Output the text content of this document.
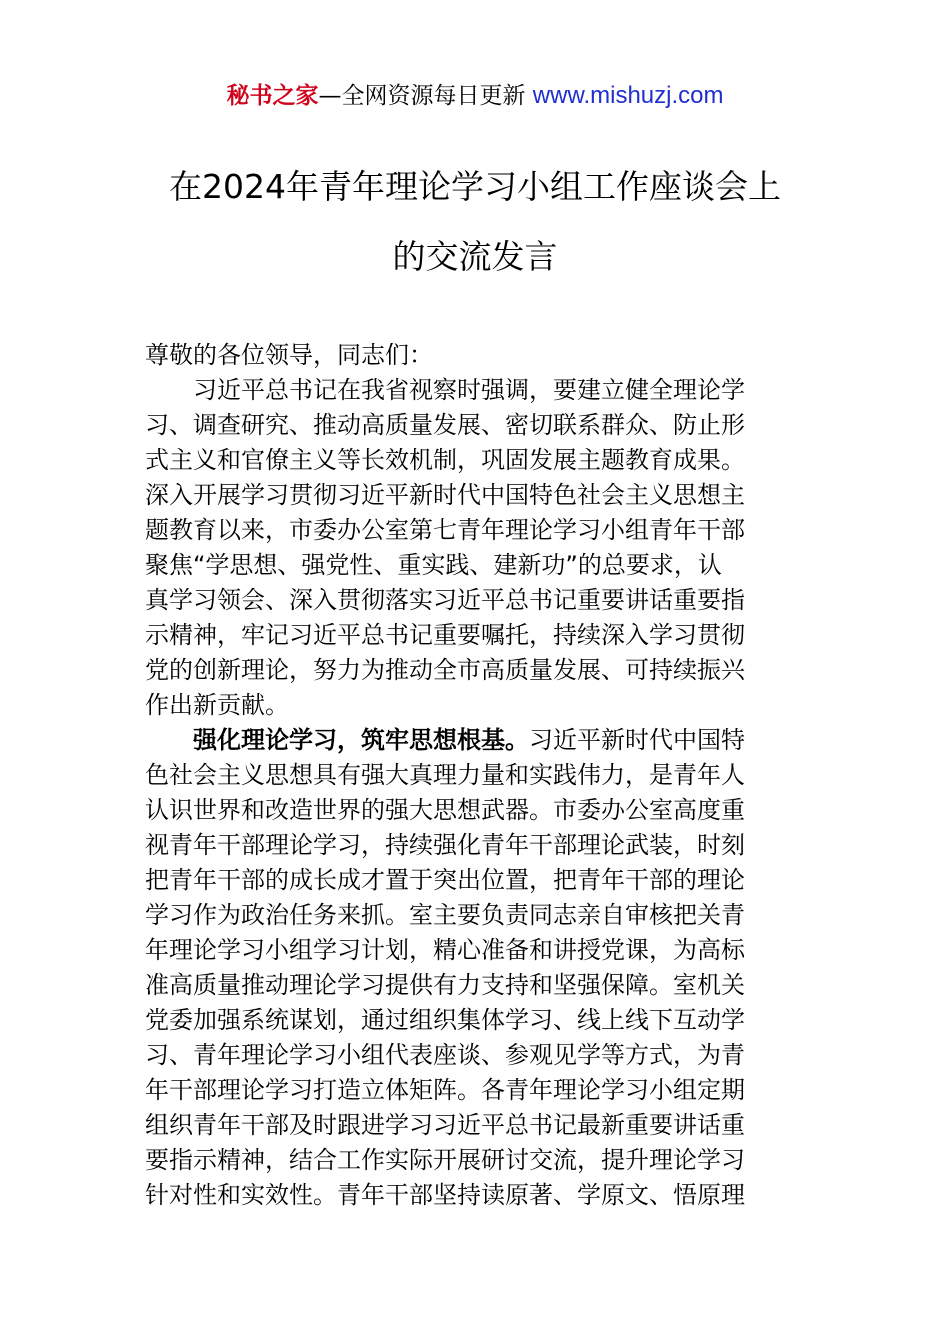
秘书之家—全网资源每日更新 www.mishuzj.com
在2024年青年理论学习小组工作座谈会上
的交流发言
尊敬的各位领导，同志们：
习近平总书记在我省视察时强调，要建立健全理论学
习、调查研究、推动高质量发展、密切联系群众、防止形
式主义和官僚主义等长效机制，巩固发展主题教育成果。
深入开展学习贯彻习近平新时代中国特色社会主义思想主
题教育以来，市委办公室第七青年理论学习小组青年干部
聚焦“学思想、强党性、重实践、建新功”的总要求，认
真学习领会、深入贯彻落实习近平总书记重要讲话重要指
示精神，牢记习近平总书记重要嘱托，持续深入学习贯彻
党的创新理论，努力为推动全市高质量发展、可持续振兴
作出新贡献。
强化理论学习，筑牢思想根基。习近平新时代中国特
色社会主义思想具有强大真理力量和实践伟力，是青年人
认识世界和改造世界的强大思想武器。市委办公室高度重
视青年干部理论学习，持续强化青年干部理论武装，时刻
把青年干部的成长成才置于突出位置，把青年干部的理论
学习作为政治任务来抓。室主要负责同志亲自审核把关青
年理论学习小组学习计划，精心准备和讲授党课，为高标
准高质量推动理论学习提供有力支持和坚强保障。室机关
党委加强系统谋划，通过组织集体学习、线上线下互动学
习、青年理论学习小组代表座谈、参观见学等方式，为青
年干部理论学习打造立体矩阵。各青年理论学习小组定期
组织青年干部及时跟进学习习近平总书记最新重要讲话重
要指示精神，结合工作实际开展研讨交流，提升理论学习
针对性和实效性。青年干部坚持读原著、学原文、悟原理
